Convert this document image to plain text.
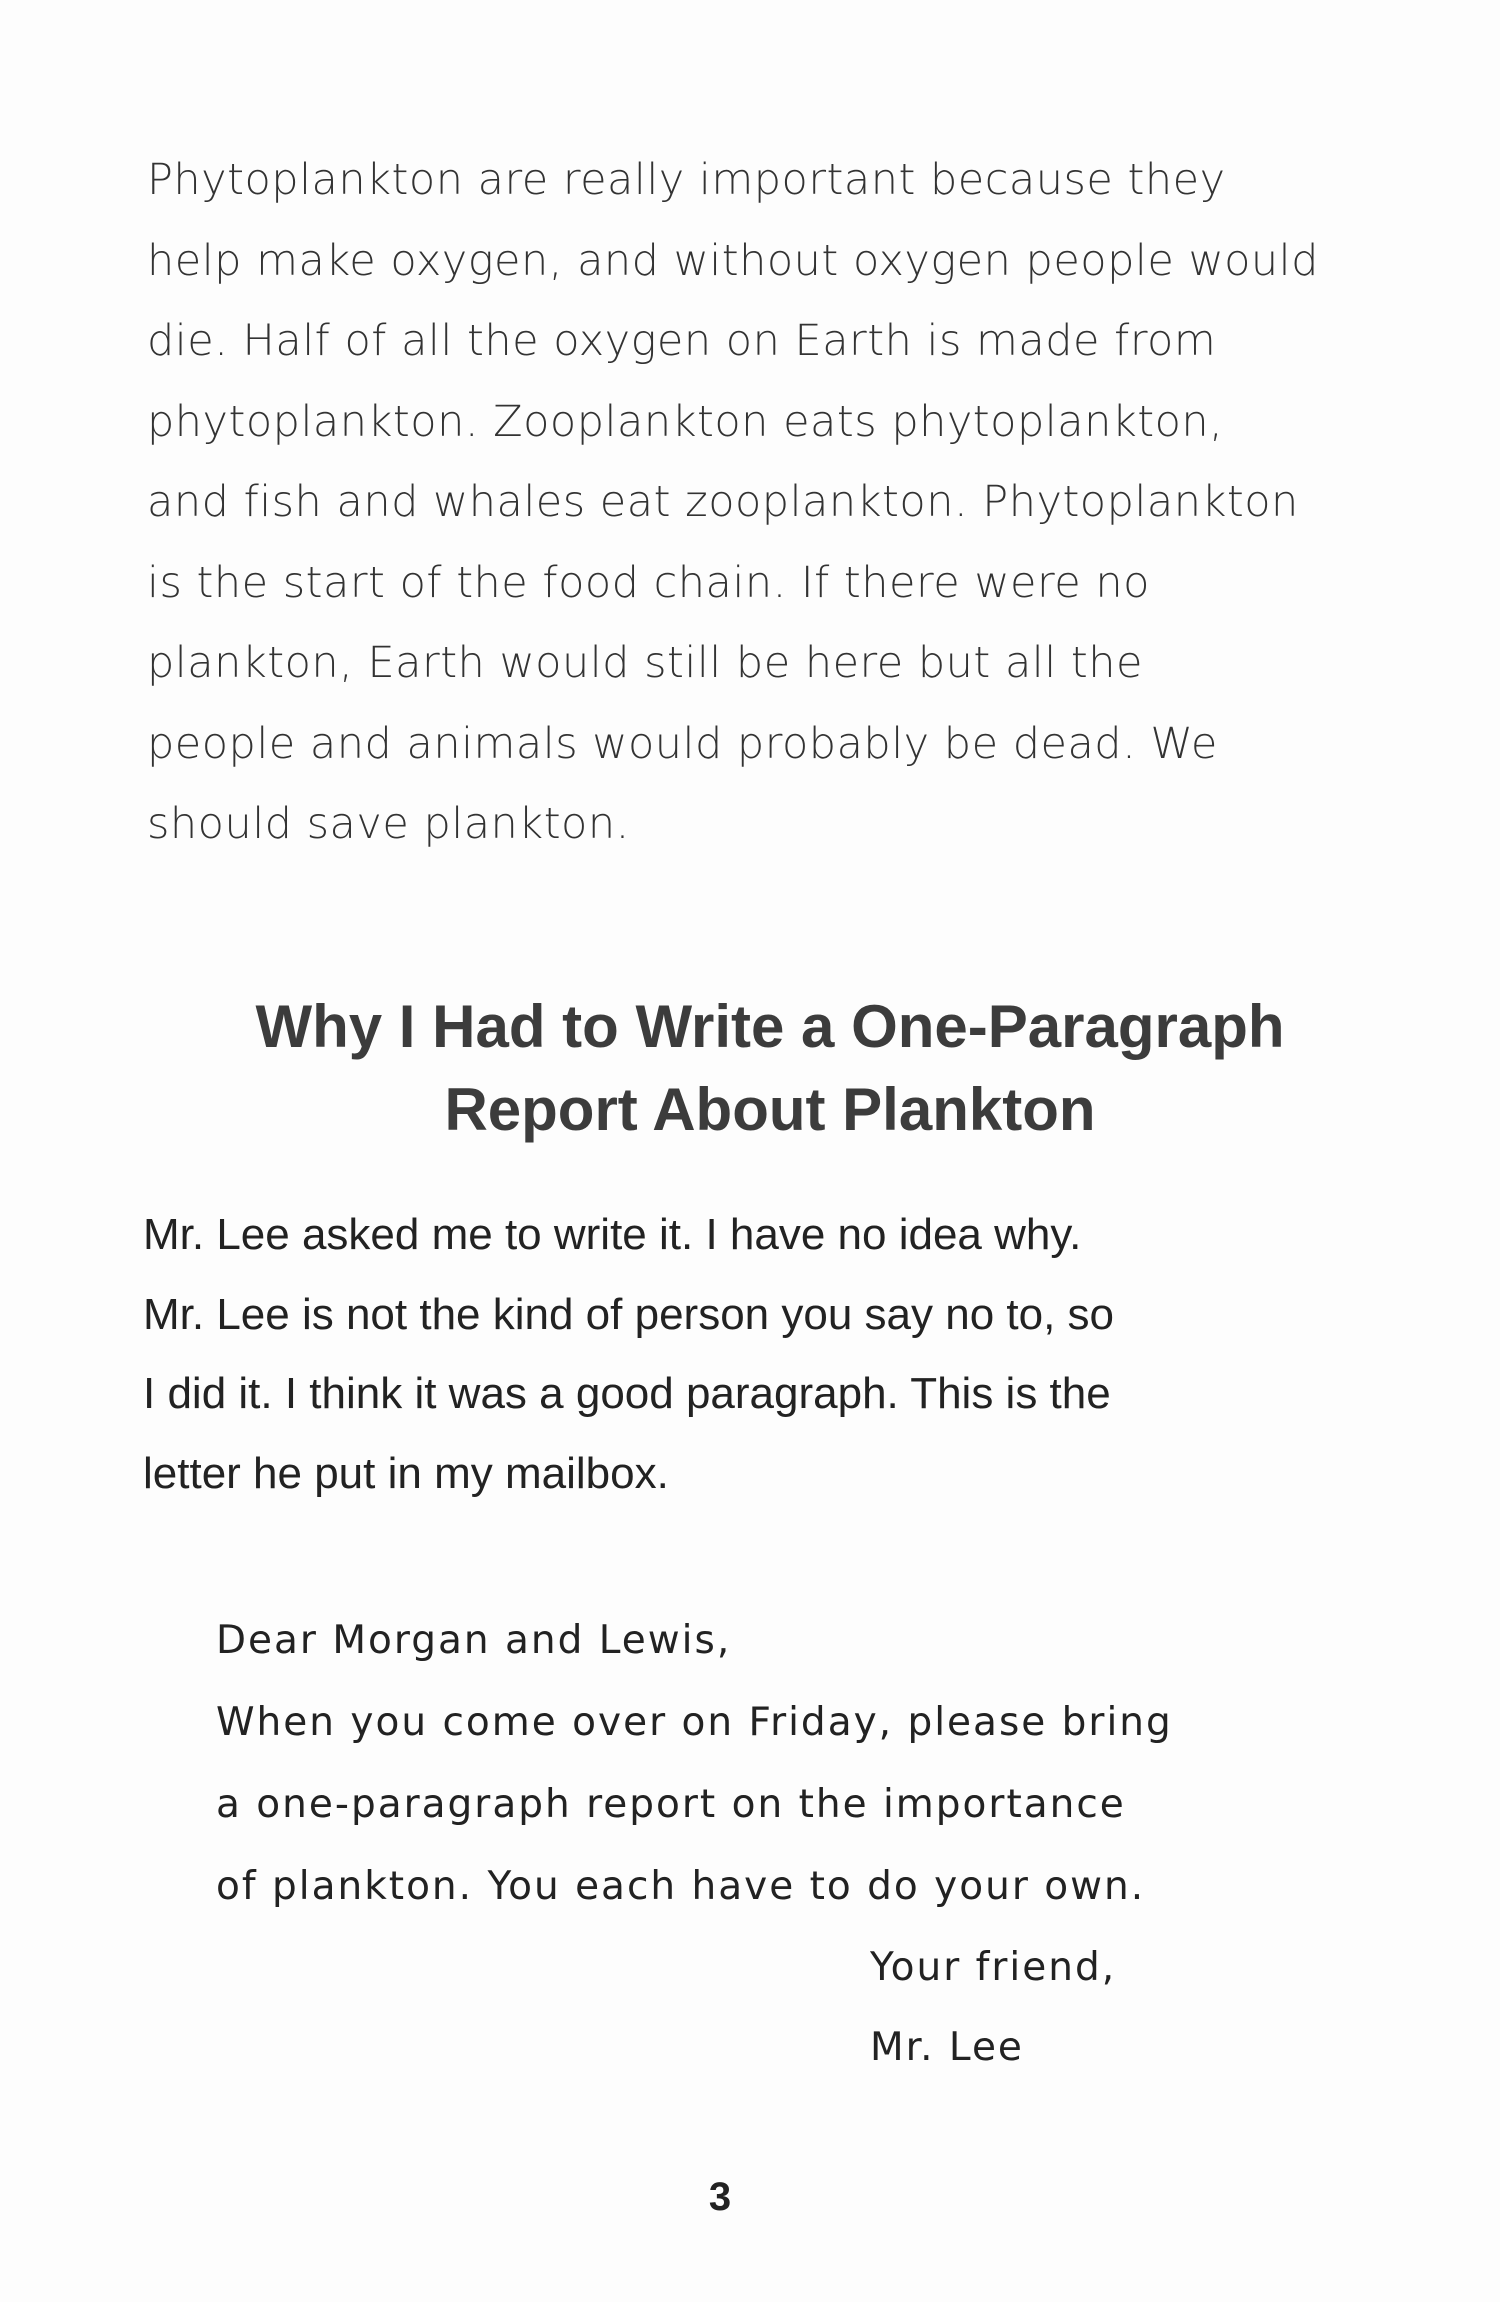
Phytoplankton are really important because they
help make oxygen, and without oxygen people would
die. Half of all the oxygen on Earth is made from
phytoplankton. Zooplankton eats phytoplankton,
and fish and whales eat zooplankton. Phytoplankton
is the start of the food chain. If there were no
plankton, Earth would still be here but all the
people and animals would probably be dead. We
should save plankton.

Why I Had to Write a One-Paragraph
Report About Plankton
Mr. Lee asked me to write it. I have no idea why.
Mr. Lee is not the kind of person you say no to, so
I did it. I think it was a good paragraph. This is the
letter he put in my mailbox.
Dear Morgan and Lewis,
When you come over on Friday, please bring
a one-paragraph report on the importance
of plankton. You each have to do your own.
Your friend,
Mr. Lee
3
